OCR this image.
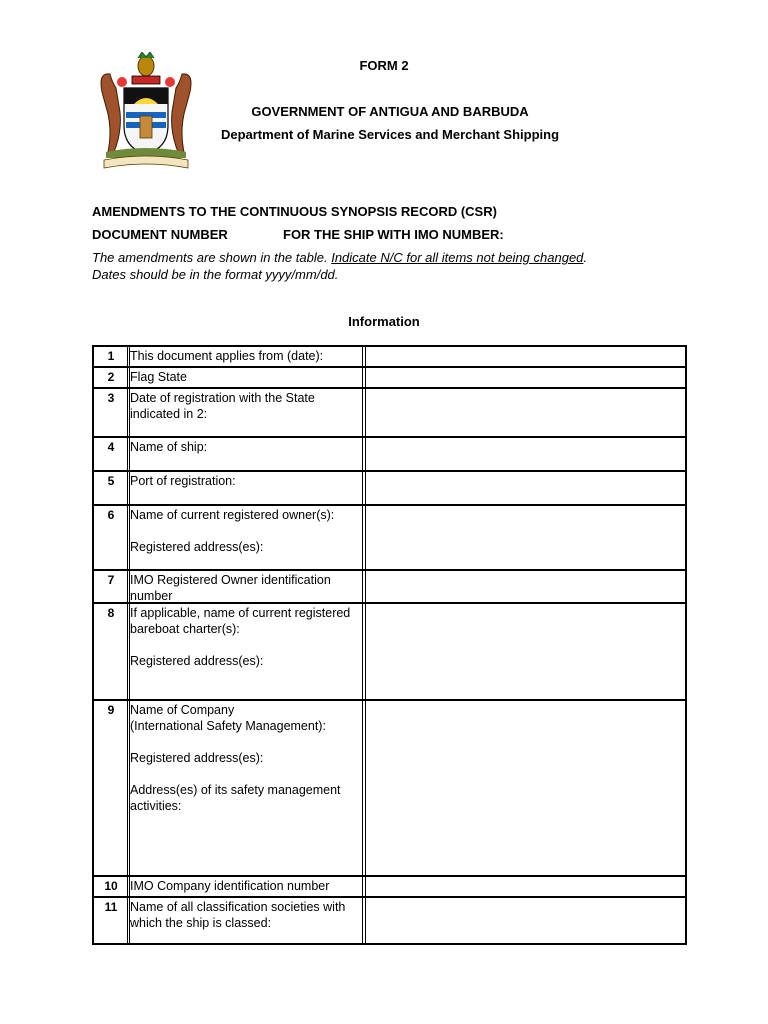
FORM 2
GOVERNMENT OF ANTIGUA AND BARBUDA
Department of Marine Services and Merchant Shipping
AMENDMENTS TO THE CONTINUOUS SYNOPSIS RECORD (CSR)
DOCUMENT NUMBER	FOR THE SHIP WITH IMO NUMBER:
The amendments are shown in the table. Indicate N/C for all items not being changed.
Dates should be in the format yyyy/mm/dd.
Information
1	This document applies from (date):
2	Flag State
3	Date of registration with the State
indicated in 2:
4	Name of ship:
5	Port of registration:
6	Name of current registered owner(s):

Registered address(es):
7	IMO Registered Owner identification
number
8	If applicable, name of current registered
bareboat charter(s):

Registered address(es):
9	Name of Company
(International Safety Management):

Registered address(es):

Address(es) of its safety management
activities:
10 IMO Company identification number
11	Name of all classification societies with
which the ship is classed:
